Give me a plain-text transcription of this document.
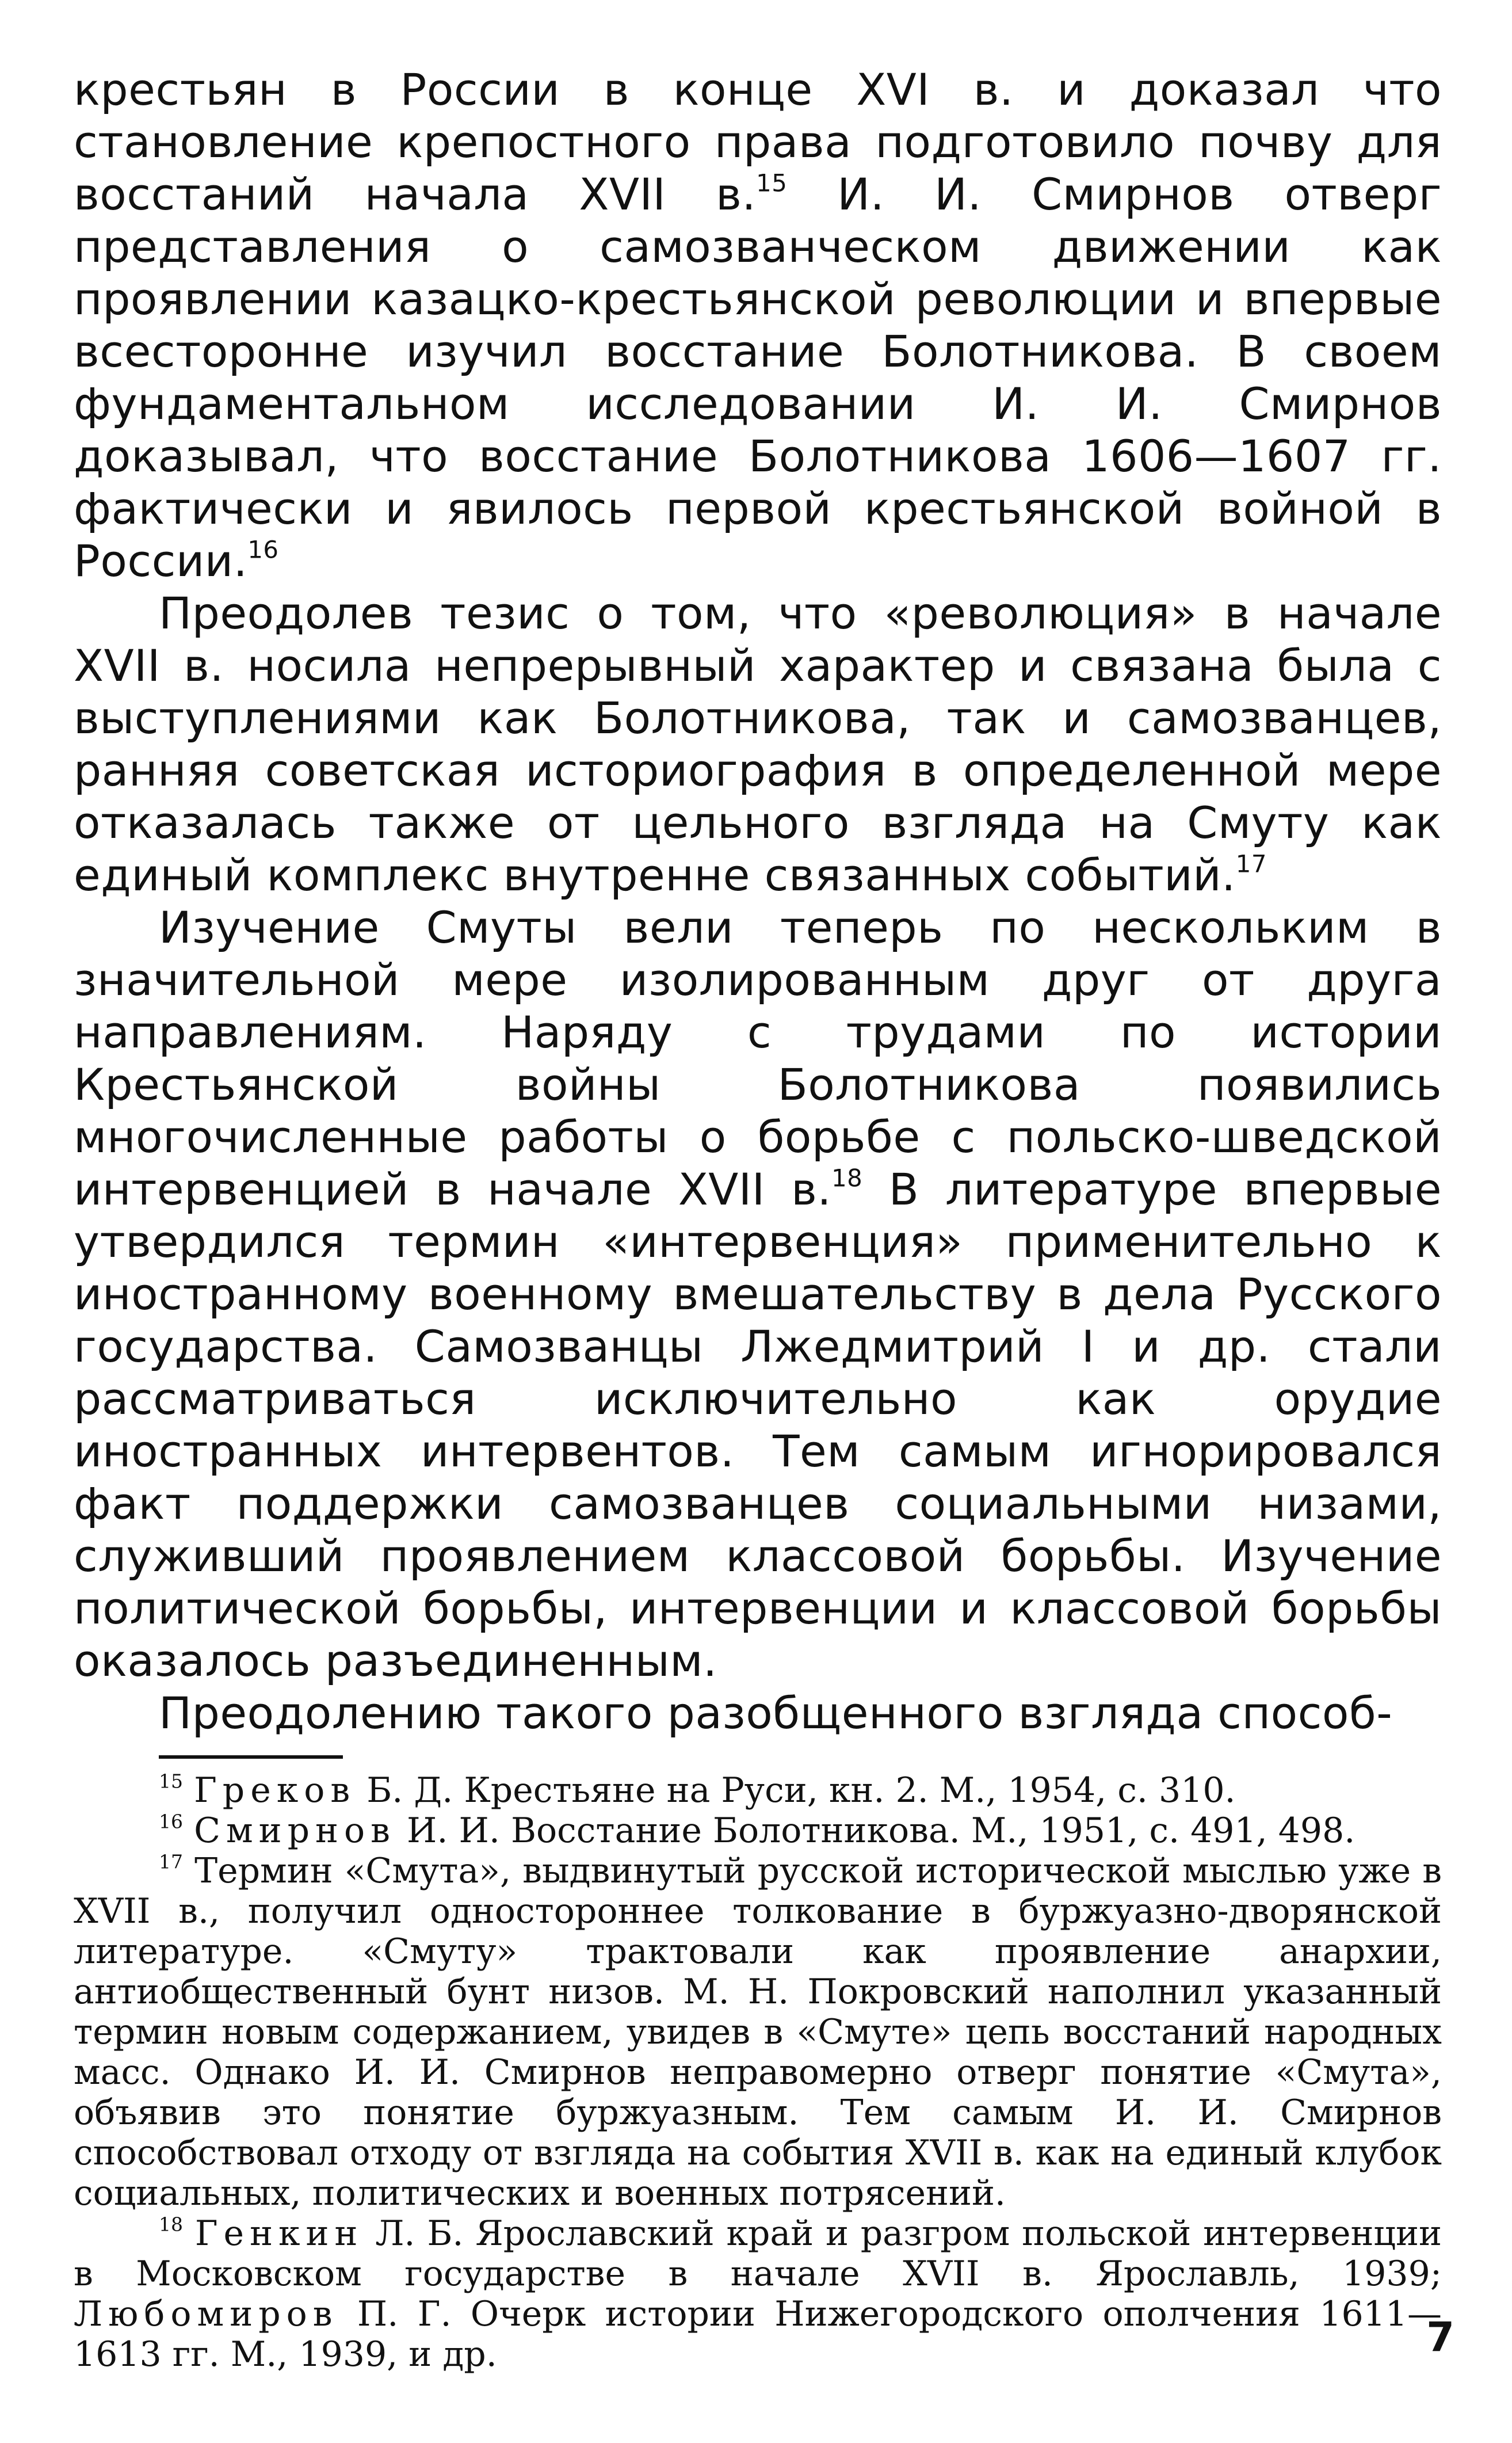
крестьян в России в конце XVI в. и доказал что становление крепостного права подготовило почву для восстаний начала XVII в.$^{15}$ И. И. Смирнов отверг представления о самозванческом движении как проявлении казацко-крестьянской революции и впервые всесторонне изучил восстание Болотникова. В своем фундаментальном исследовании И. И. Смирнов доказывал, что восстание Болотникова 1606—1607 гг. фактически и явилось первой крестьянской войной в России.$^{16}$

Преодолев тезис о том, что «революция» в начале XVII в. носила непрерывный характер и связана была с выступлениями как Болотникова, так и самозванцев, ранняя советская историография в определенной мере отказалась также от цельного взгляда на Смуту как единый комплекс внутренне связанных событий.$^{17}$

Изучение Смуты вели теперь по нескольким в значительной мере изолированным друг от друга направлениям. Наряду с трудами по истории Крестьянской войны Болотникова появились многочисленные работы о борьбе с польско-шведской интервенцией в начале XVII в.$^{18}$ В литературе впервые утвердился термин «интервенция» применительно к иностранному военному вмешательству в дела Русского государства. Самозванцы Лжедмитрий I и др. стали рассматриваться исключительно как орудие иностранных интервентов. Тем самым игнорировался факт поддержки самозванцев социальными низами, служивший проявлением классовой борьбы. Изучение политической борьбы, интервенции и классовой борьбы оказалось разъединенным.

Преодолению такого разобщенного взгляда способ-

$^{15}$ Греков Б. Д. Крестьяне на Руси, кн. 2. М., 1954, с. 310.

$^{16}$ Смирнов И. И. Восстание Болотникова. М., 1951, с. 491, 498.

$^{17}$ Термин «Смута», выдвинутый русской исторической мыслью уже в XVII в., получил одностороннее толкование в буржуазно-дворянской литературе. «Смуту» трактовали как проявление анархии, антиобщественный бунт низов. М. Н. Покровский наполнил указанный термин новым содержанием, увидев в «Смуте» цепь восстаний народных масс. Однако И. И. Смирнов неправомерно отверг понятие «Смута», объявив это понятие буржуазным. Тем самым И. И. Смирнов способствовал отходу от взгляда на события XVII в. как на единый клубок социальных, политических и военных потрясений.

$^{18}$ Генкин Л. Б. Ярославский край и разгром польской интервенции в Московском государстве в начале XVII в. Ярославль, 1939; Любомиров П. Г. Очерк истории Нижегородского ополчения 1611—1613 гг. М., 1939, и др.	7
